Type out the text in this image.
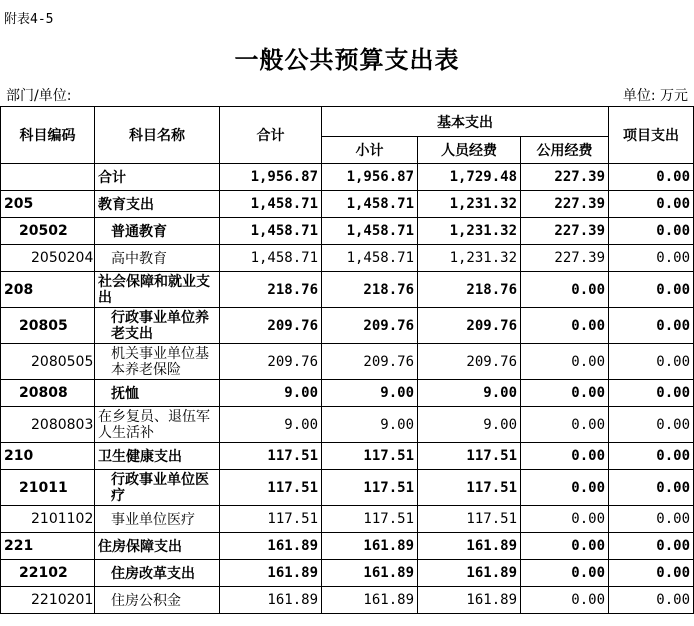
附表4-5
一般公共预算支出表
部门/单位:	单位: 万元
科目编码	科目名称	合计	基本支出			项目支出
			小计	人员经费	公用经费	
	合计	1,956.87	1,956.87	1,729.48	227.39	0.00
205	教育支出	1,458.71	1,458.71	1,231.32	227.39	0.00
20502	普通教育	1,458.71	1,458.71	1,231.32	227.39	0.00
2050204	高中教育	1,458.71	1,458.71	1,231.32	227.39	0.00
208	社会保障和就业支出	218.76	218.76	218.76	0.00	0.00
20805	行政事业单位养老支出	209.76	209.76	209.76	0.00	0.00
2080505	机关事业单位基本养老保险	209.76	209.76	209.76	0.00	0.00
20808	抚恤	9.00	9.00	9.00	0.00	0.00
2080803	在乡复员、退伍军人生活补	9.00	9.00	9.00	0.00	0.00
210	卫生健康支出	117.51	117.51	117.51	0.00	0.00
21011	行政事业单位医疗	117.51	117.51	117.51	0.00	0.00
2101102	事业单位医疗	117.51	117.51	117.51	0.00	0.00
221	住房保障支出	161.89	161.89	161.89	0.00	0.00
22102	住房改革支出	161.89	161.89	161.89	0.00	0.00
2210201	住房公积金	161.89	161.89	161.89	0.00	0.00
